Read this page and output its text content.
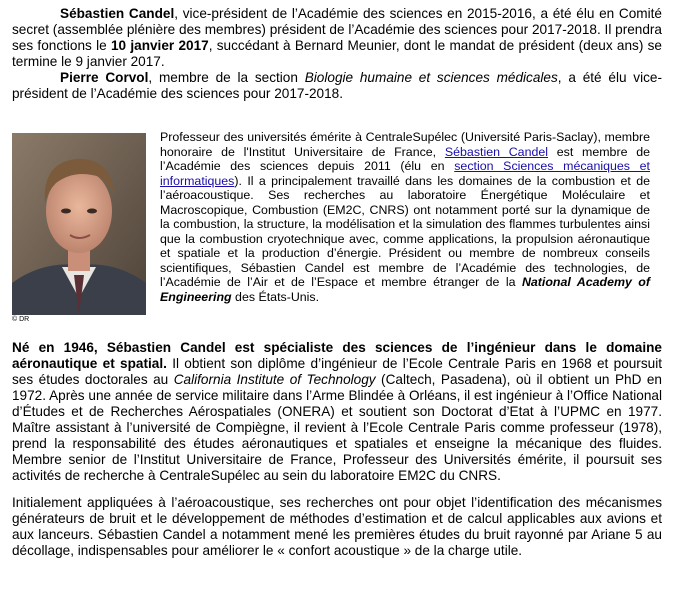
Sébastien Candel, vice-président de l’Académie des sciences en 2015-2016, a été élu en Comité secret (assemblée plénière des membres) président de l’Académie des sciences pour 2017-2018. Il prendra ses fonctions le 10 janvier 2017, succédant à Bernard Meunier, dont le mandat de président (deux ans) se termine le 9 janvier 2017.

Pierre Corvol, membre de la section Biologie humaine et sciences médicales, a été élu vice-président de l’Académie des sciences pour 2017-2018.

© DR

Professeur des universités émérite à CentraleSupélec (Université Paris-Saclay), membre honoraire de l'Institut Universitaire de France, Sébastien Candel est membre de l’Académie des sciences depuis 2011 (élu en section Sciences mécaniques et informatiques). Il a principalement travaillé dans les domaines de la combustion et de l’aéroacoustique. Ses recherches au laboratoire Énergétique Moléculaire et Macroscopique, Combustion (EM2C, CNRS) ont notamment porté sur la dynamique de la combustion, la structure, la modélisation et la simulation des flammes turbulentes ainsi que la combustion cryotechnique avec, comme applications, la propulsion aéronautique et spatiale et la production d’énergie. Président ou membre de nombreux conseils scientifiques, Sébastien Candel est membre de l’Académie des technologies, de l’Académie de l’Air et de l’Espace et membre étranger de la National Academy of Engineering des États-Unis.

Né en 1946, Sébastien Candel est spécialiste des sciences de l’ingénieur dans le domaine aéronautique et spatial. Il obtient son diplôme d’ingénieur de l’Ecole Centrale Paris en 1968 et poursuit ses études doctorales au California Institute of Technology (Caltech, Pasadena), où il obtient un PhD en 1972. Après une année de service militaire dans l’Arme Blindée à Orléans, il est ingénieur à l’Office National d’Études et de Recherches Aérospatiales (ONERA) et soutient son Doctorat d’Etat à l’UPMC en 1977. Maître assistant à l’université de Compiègne, il revient à l’Ecole Centrale Paris comme professeur (1978), prend la responsabilité des études aéronautiques et spatiales et enseigne la mécanique des fluides. Membre senior de l’Institut Universitaire de France, Professeur des Universités émérite, il poursuit ses activités de recherche à CentraleSupélec au sein du laboratoire EM2C du CNRS.

Initialement appliquées à l’aéroacoustique, ses recherches ont pour objet l’identification des mécanismes générateurs de bruit et le développement de méthodes d’estimation et de calcul applicables aux avions et aux lanceurs. Sébastien Candel a notamment mené les premières études du bruit rayonné par Ariane 5 au décollage, indispensables pour améliorer le « confort acoustique » de la charge utile.
